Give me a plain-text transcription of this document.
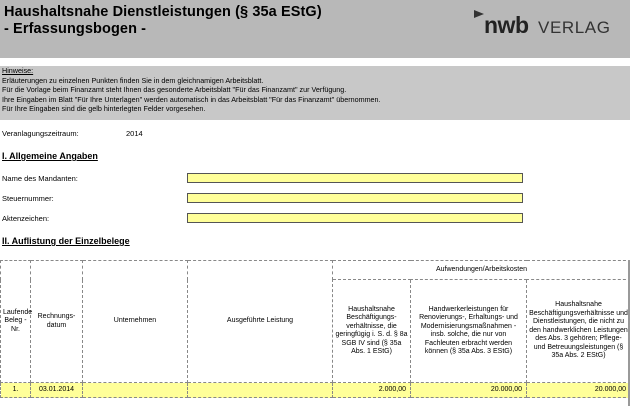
Haushaltsnahe Dienstleistungen (§ 35a EStG)
- Erfassungsbogen -	nwb VERLAG
Hinweise:
Erläuterungen zu einzelnen Punkten finden Sie in dem gleichnamigen Arbeitsblatt.
Für die Vorlage beim Finanzamt steht Ihnen das gesonderte Arbeitsblatt "Für das Finanzamt" zur Verfügung.
Ihre Eingaben im Blatt "Für Ihre Unterlagen" werden automatisch in das Arbeitsblatt "Für das Finanzamt" übernommen.
Für Ihre Eingaben sind die gelb hinterlegten Felder vorgesehen.
Veranlagungszeitraum:	2014
I. Allgemeine Angaben
Name des Mandanten:
Steuernummer:
Aktenzeichen:
II. Auflistung der Einzelbelege
Laufende Beleg -Nr.	Rechnungs-datum	Unternehmen	Ausgeführte Leistung	Aufwendungen/Arbeitskosten		
				Haushaltsnahe Beschäftigungs-verhältnisse, die geringfügig i. S. d. § 8a SGB IV sind (§ 35a Abs. 1 EStG)	Handwerkerleistungen für Renovierungs-, Erhaltungs- und Modernisierungsmaßnahmen - insb. solche, die nur von Fachleuten erbracht werden können (§ 35a Abs. 3 EStG)	Haushaltsnahe Beschäftigungsverhältnisse und Dienstleistungen, die nicht zu den handwerklichen Leistungen des Abs. 3 gehören; Pflege- und Betreuungsleistungen (§ 35a Abs. 2 EStG)
1.	03.01.2014			2.000,00	20.000,00	20.000,00
